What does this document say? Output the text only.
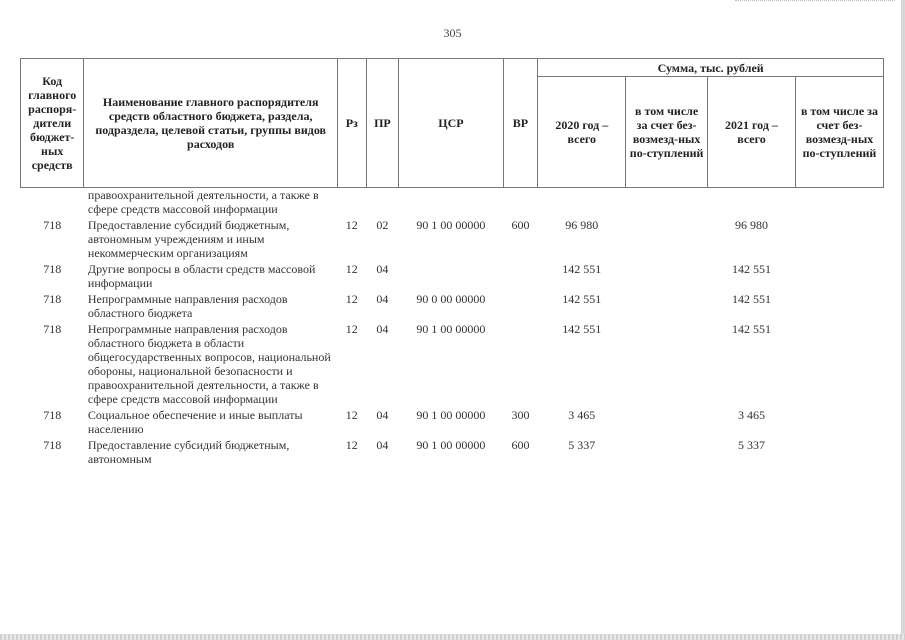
305
Код главного распоря-дители бюджет-ных средств	Наименование главного распорядителя средств областного бюджета, раздела, подраздела, целевой статьи, группы видов расходов	Рз	ПР	ЦСР	ВР	Сумма, тыс. рублей			
						2020 год – всего	в том числе за счет без-возмезд-ных по-ступлений	2021 год – всего	в том числе за счет без-возмезд-ных по-ступлений
	правоохранительной деятельности, а также в сфере средств массовой информации								
718	Предоставление субсидий бюджетным, автономным учреждениям и иным некоммерческим организациям	12	02	90 1 00 00000	600	96 980		96 980	
718	Другие вопросы в области средств массовой информации	12	04			142 551		142 551	
718	Непрограммные направления расходов областного бюджета	12	04	90 0 00 00000		142 551		142 551	
718	Непрограммные направления расходов областного бюджета в области общегосударственных вопросов, национальной обороны, национальной безопасности и правоохранительной деятельности, а также в сфере средств массовой информации	12	04	90 1 00 00000		142 551		142 551	
718	Социальное обеспечение и иные выплаты населению	12	04	90 1 00 00000	300	3 465		3 465	
718	Предоставление субсидий бюджетным, автономным	12	04	90 1 00 00000	600	5 337		5 337	
